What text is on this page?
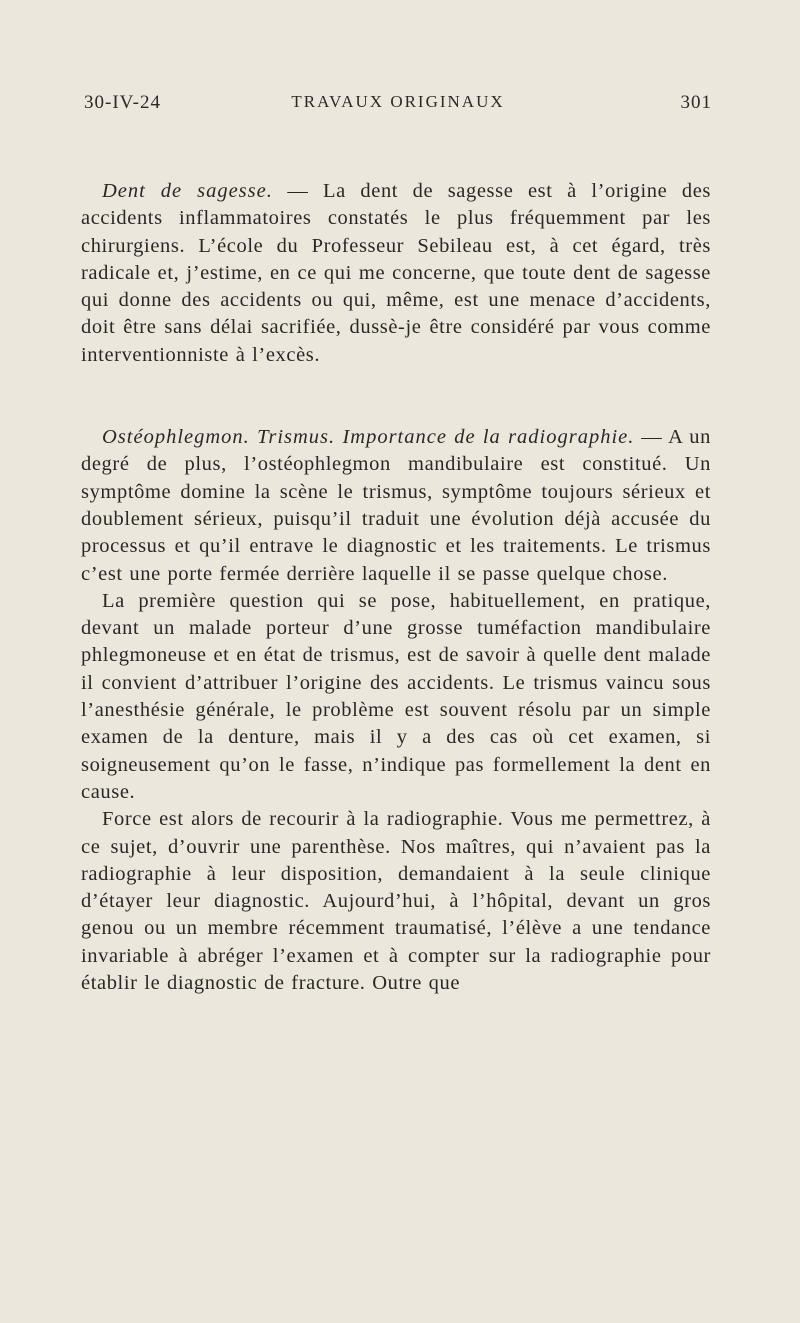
30-IV-24	TRAVAUX ORIGINAUX	301

Dent de sagesse. — La dent de sagesse est à l’origine des accidents inflammatoires constatés le plus fréquemment par les chirurgiens. L’école du Professeur Sebileau est, à cet égard, très radicale et, j’estime, en ce qui me concerne, que toute dent de sagesse qui donne des accidents ou qui, même, est une menace d’accidents, doit être sans délai sacrifiée, dussè-je être considéré par vous comme interventionniste à l’excès.

Ostéophlegmon. Trismus. Importance de la radiographie. — A un degré de plus, l’ostéophlegmon mandibulaire est constitué. Un symptôme domine la scène le trismus, symptôme toujours sérieux et doublement sérieux, puisqu’il traduit une évolution déjà accusée du processus et qu’il entrave le diagnostic et les traitements. Le trismus c’est une porte fermée derrière laquelle il se passe quelque chose.

La première question qui se pose, habituellement, en pratique, devant un malade porteur d’une grosse tuméfaction mandibulaire phlegmoneuse et en état de trismus, est de savoir à quelle dent malade il convient d’attribuer l’origine des accidents. Le trismus vaincu sous l’anesthésie générale, le problème est souvent résolu par un simple examen de la denture, mais il y a des cas où cet examen, si soigneusement qu’on le fasse, n’indique pas formellement la dent en cause.

Force est alors de recourir à la radiographie. Vous me permettrez, à ce sujet, d’ouvrir une parenthèse. Nos maîtres, qui n’avaient pas la radiographie à leur disposition, demandaient à la seule clinique d’étayer leur diagnostic. Aujourd’hui, à l’hôpital, devant un gros genou ou un membre récemment traumatisé, l’élève a une tendance invariable à abréger l’examen et à compter sur la radiographie pour établir le diagnostic de fracture. Outre que
